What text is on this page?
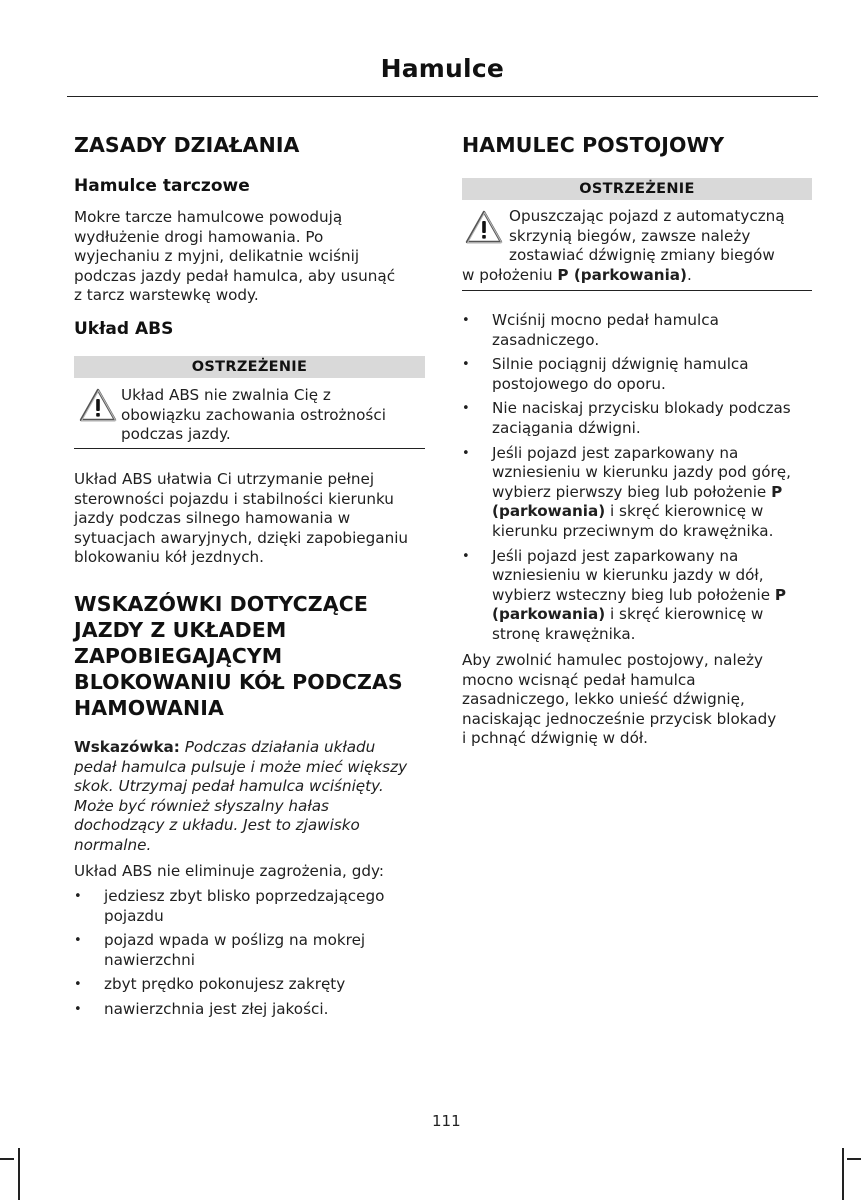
Hamulce
ZASADY DZIAŁANIA
Hamulce tarczowe
Mokre tarcze hamulcowe powodują
wydłużenie drogi hamowania. Po
wyjechaniu z myjni, delikatnie wciśnij
podczas jazdy pedał hamulca, aby usunąć
z tarcz warstewkę wody.
Układ ABS
OSTRZEŻENIE
Układ ABS nie zwalnia Cię z
obowiązku zachowania ostrożności
podczas jazdy.
Układ ABS ułatwia Ci utrzymanie pełnej
sterowności pojazdu i stabilności kierunku
jazdy podczas silnego hamowania w
sytuacjach awaryjnych, dzięki zapobieganiu
blokowaniu kół jezdnych.
WSKAZÓWKI DOTYCZĄCE
JAZDY Z UKŁADEM
ZAPOBIEGAJĄCYM
BLOKOWANIU KÓŁ PODCZAS
HAMOWANIA
Wskazówka: Podczas działania układu
pedał hamulca pulsuje i może mieć większy
skok. Utrzymaj pedał hamulca wciśnięty.
Może być również słyszalny hałas
dochodzący z układu. Jest to zjawisko
normalne.
Układ ABS nie eliminuje zagrożenia, gdy:
• jedziesz zbyt blisko poprzedzającego
pojazdu
• pojazd wpada w poślizg na mokrej
nawierzchni
• zbyt prędko pokonujesz zakręty
• nawierzchnia jest złej jakości.
HAMULEC POSTOJOWY
OSTRZEŻENIE
Opuszczając pojazd z automatyczną
skrzynią biegów, zawsze należy
zostawiać dźwignię zmiany biegów
w położeniu P (parkowania).
• Wciśnij mocno pedał hamulca
zasadniczego.
• Silnie pociągnij dźwignię hamulca
postojowego do oporu.
• Nie naciskaj przycisku blokady podczas
zaciągania dźwigni.
• Jeśli pojazd jest zaparkowany na
wzniesieniu w kierunku jazdy pod górę,
wybierz pierwszy bieg lub położenie P
(parkowania) i skręć kierownicę w
kierunku przeciwnym do krawężnika.
• Jeśli pojazd jest zaparkowany na
wzniesieniu w kierunku jazdy w dół,
wybierz wsteczny bieg lub położenie P
(parkowania) i skręć kierownicę w
stronę krawężnika.
Aby zwolnić hamulec postojowy, należy
mocno wcisnąć pedał hamulca
zasadniczego, lekko unieść dźwignię,
naciskając jednocześnie przycisk blokady
i pchnąć dźwignię w dół.
111
